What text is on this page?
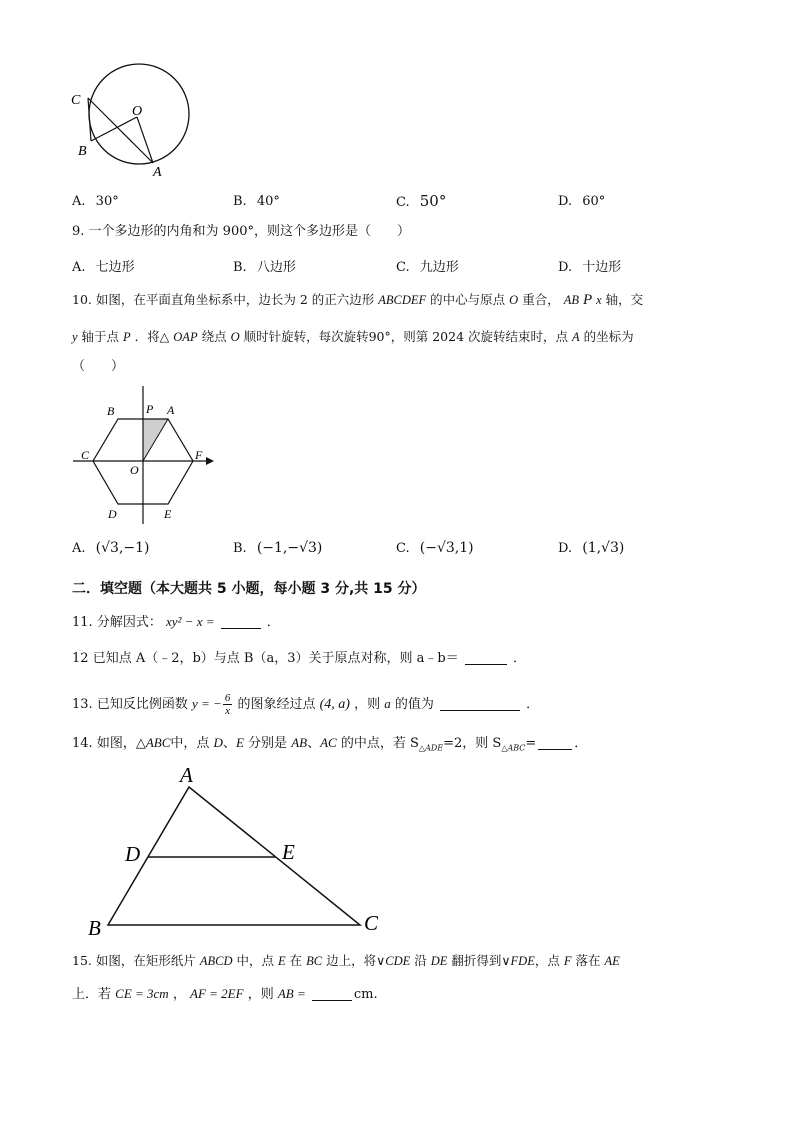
C
O
B
A
A. 30°	B. 40°	C. 50°	D. 60°
9. 一个多边形的内角和为 900°，则这个多边形是（　　）
A. 七边形	B. 八边形	C. 九边形	D. 十边形
10. 如图，在平面直角坐标系中，边长为 2 的正六边形 ABCDEF 的中心与原点 O 重合， AB P x 轴，交
y 轴于点 P ．将△ OAP 绕点 O 顺时针旋转，每次旋转90°，则第 2024 次旋转结束时，点 A 的坐标为
（　　）
B	P A
C	F
O
D	E
A. (√3,−1)	B. (−1,−√3)	C. (−√3,1)	D. (1,√3)
二．填空题（本大题共 5 小题，每小题 3 分,共 15 分）
11. 分解因式： xy² − x =	．
12 已知点 A（﹣2，b）与点 B（a，3）关于原点对称，则 a﹣b＝	．
13. 已知反比例函数 y = − $\frac{6}{x}$ 的图象经过点 (4, a) ，则 a 的值为	．
14. 如图，△ABC中，点 D、E 分别是 AB、AC 的中点，若 $S_{\triangle ADE}=2$，则 $S_{\triangle ABC}=$	．
A
D	E
B	C
15. 如图，在矩形纸片 ABCD 中，点 E 在 BC 边上，将∨CDE 沿 DE 翻折得到∨FDE，点 F 落在 AE
上．若 CE = 3cm ， AF = 2EF ，则 AB =	cm.
